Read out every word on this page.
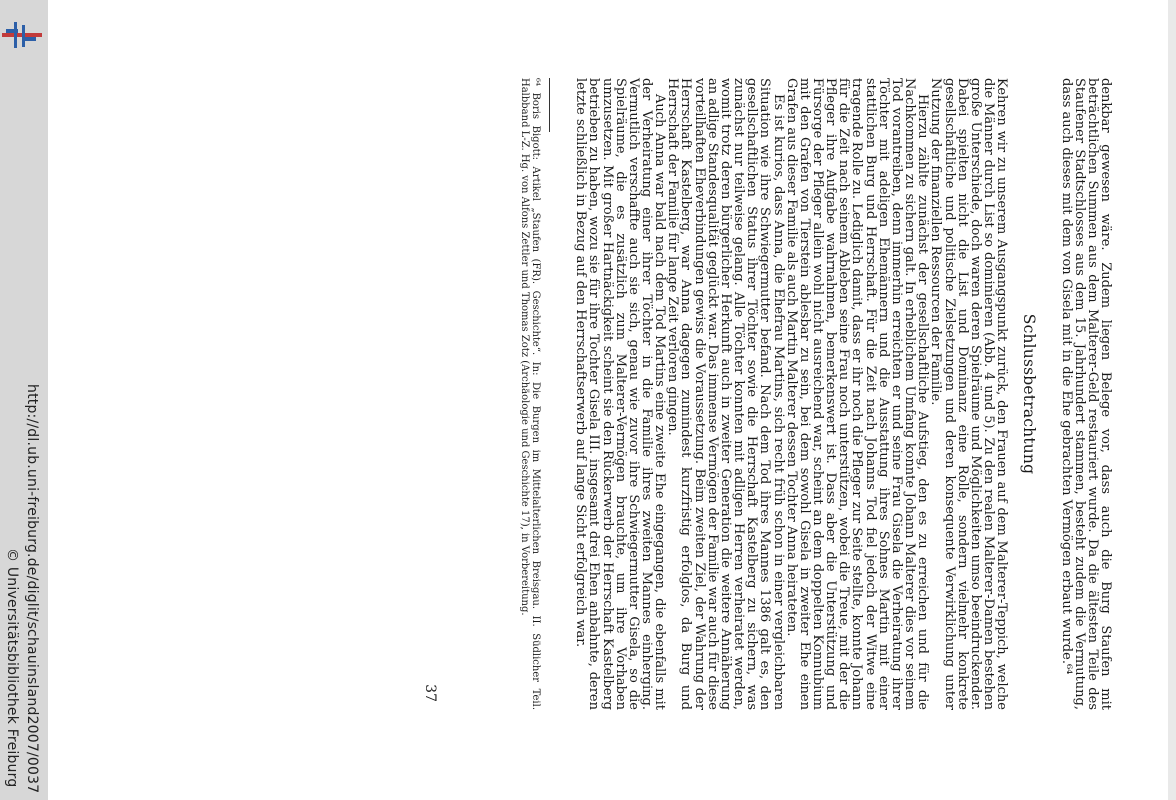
http://dl.ub.uni-freiburg.de/diglit/schauinsland2007/0037
© Universitätsbibliothek Freiburg	denkbar gewesen wäre. Zudem liegen Belege vor, dass auch die Burg Staufen mit beträchtlichen Summen aus dem Malterer-Geld restauriert wurde. Da die ältesten Teile des Staufener Stadtschlosses aus dem 15. Jahrhundert stammen, besteht zudem die Vermutung, dass auch dieses mit dem von Gisela mit in die Ehe gebrachten Vermögen erbaut wurde.⁶⁴

Schlussbetrachtung

Kehren wir zu unserem Ausgangspunkt zurück, den Frauen auf dem Malterer-Teppich, welche die Männer durch List so dominieren (Abb. 4 und 5). Zu den realen Malterer-Damen bestehen große Unterschiede, doch waren deren Spielräume und Möglichkeiten umso beeindruckender. Dabei spielten nicht die List und Dominanz eine Rolle, sondern vielmehr konkrete gesellschaftliche und politische Zielsetzungen und deren konsequente Verwirklichung unter Nutzung der finanziellen Ressourcen der Familie.

Hierzu zählte zunächst der gesellschaftliche Aufstieg, den es zu erreichen und für die Nachkommen zu sichern galt. In erheblichem Umfang konnte Johann Malterer dies vor seinem Tod vorantreiben, denn immerhin erreichten er und seine Frau Gisela die Verheiratung ihrer Töchter mit adeligen Ehemännern und die Ausstattung ihres Sohnes Martin mit einer stattlichen Burg und Herrschaft. Für die Zeit nach Johanns Tod fiel jedoch der Witwe eine tragende Rolle zu. Lediglich damit, dass er ihr noch die Pfleger zur Seite stellte, konnte Johann für die Zeit nach seinem Ableben seine Frau noch unterstützen, wobei die Treue, mit der die Pfleger ihre Aufgabe wahrnahmen, bemerkenswert ist. Dass aber die Unterstützung und Fürsorge der Pfleger allein wohl nicht ausreichend war, scheint an dem doppelten Konnubium mit den Grafen von Tierstein ablesbar zu sein, bei dem sowohl Gisela in zweiter Ehe einen Grafen aus dieser Familie als auch Martin Malterer dessen Tochter Anna heirateten.

Es ist kurios, dass Anna, die Ehefrau Martins, sich recht früh schon in einer vergleichbaren Situation wie ihre Schwiegermutter befand. Nach dem Tod ihres Mannes 1386 galt es, den gesellschaftlichen Status ihrer Töchter sowie die Herrschaft Kastelberg zu sichern, was zunächst nur teilweise gelang. Alle Töchter konnten mit adligen Herren verheiratet werden, womit trotz deren bürgerlicher Herkunft auch in zweiter Generation die weitere Annäherung an adlige Standesqualität geglückt war. Das immense Vermögen der Familie war auch für diese vorteilhaften Eheverbindungen gewiss die Voraussetzung. Beim zweiten Ziel, der Wahrung der Herrschaft Kastelberg, war Anna dagegen zumindest kurzfristig erfolglos, da Burg und Herrschaft der Familie für lange Zeit verloren gingen.

Auch Anna war bald nach dem Tod Martins eine zweite Ehe eingegangen, die ebenfalls mit der Verheiratung einer ihrer Töchter in die Familie ihres zweiten Mannes einherging. Vermutlich verschaffte auch sie sich, genau wie zuvor ihre Schwiegermutter Gisela, so die Spielräume, die es zusätzlich zum Malterer-Vermögen brauchte, um ihre Vorhaben umzusetzen. Mit großer Hartnäckigkeit scheint sie den Rückerwerb der Herrschaft Kastelberg betrieben zu haben, wozu sie für ihre Tochter Gisela III. insgesamt drei Ehen anbahnte, deren letzte schließlich in Bezug auf den Herrschaftserwerb auf lange Sicht erfolgreich war.

⁶⁴ Boris Bigott: Artikel „Staufen (FR). Geschichte“. In: Die Burgen im Mittelalterlichen Breisgau. II. Südlicher Teil. Halbband L-Z. Hg. von Alfons Zettler und Thomas Zotz (Archäologie und Geschichte 17), in Vorbereitung.

37
